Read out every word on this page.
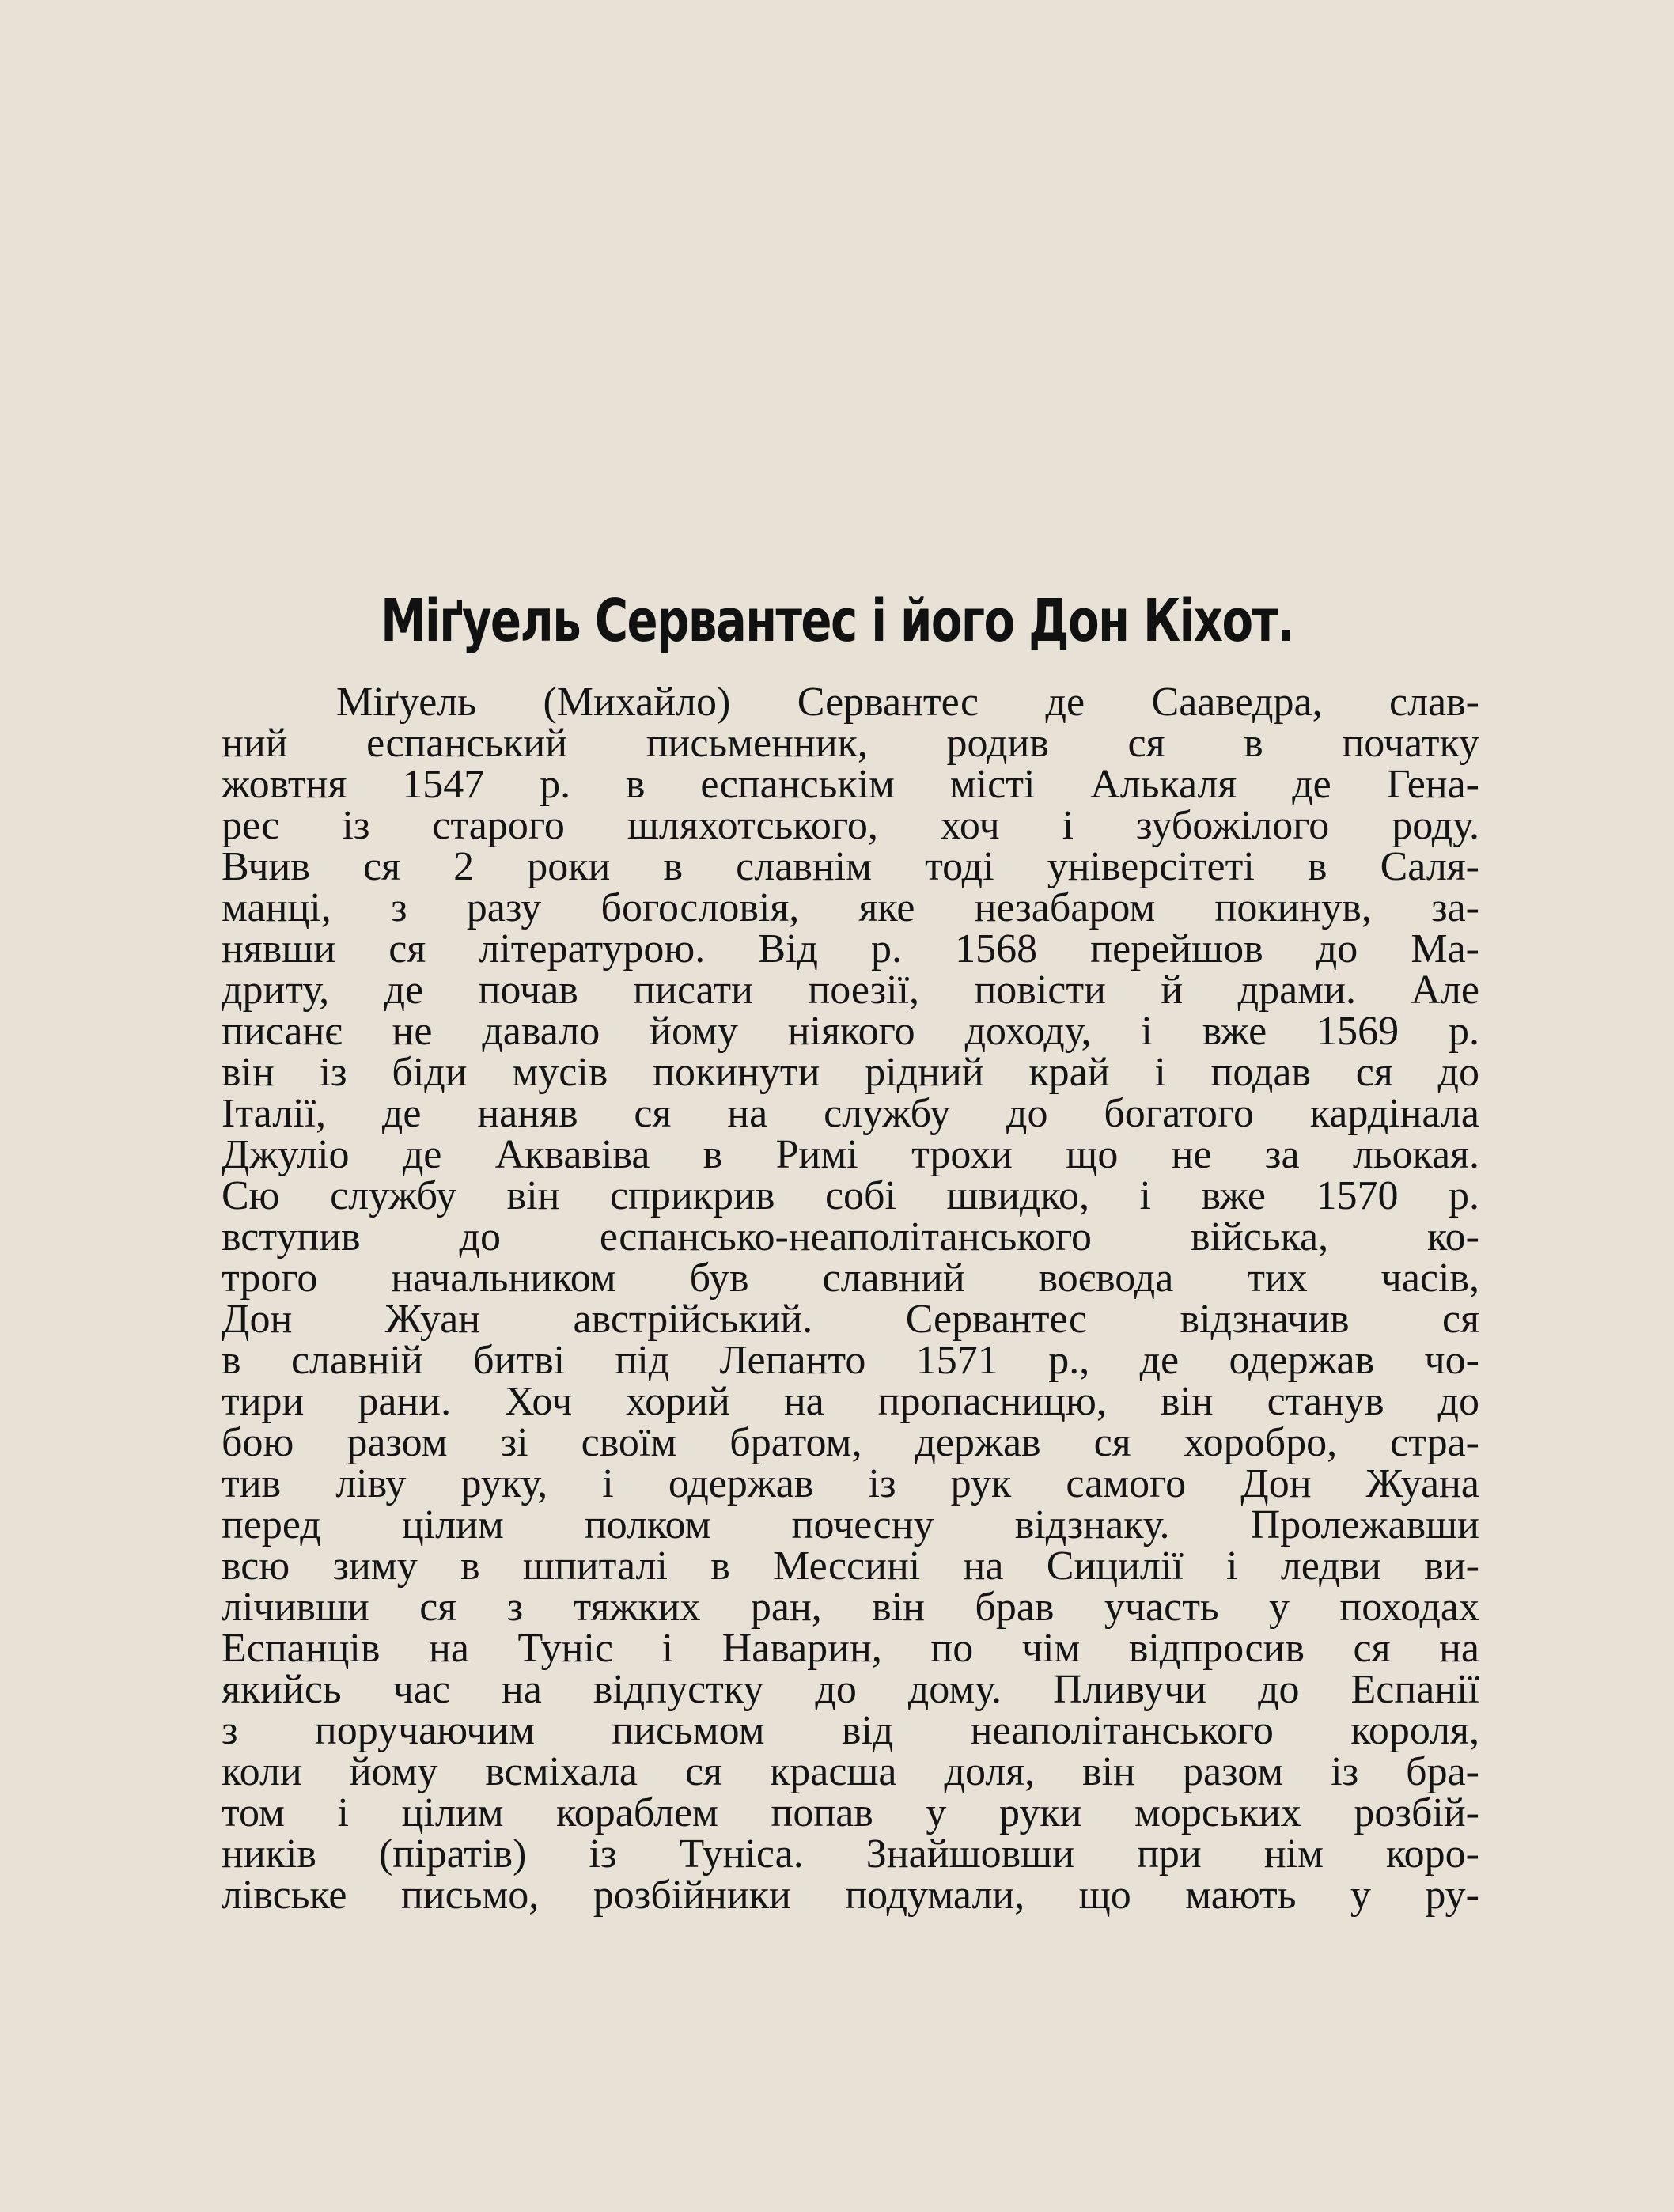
Міґуель Сервантес і його Дон Кіхот.
Міґуель (Михайло) Сервантес де Сааведра, слав-
ний еспанський письменник, родив ся в початку
жовтня 1547 р. в еспанськім місті Алькаля де Гена-
рес із старого шляхотського, хоч і зубожілого роду.
Вчив ся 2 роки в славнім тоді універсітеті в Саля-
манці, з разу богословія, яке незабаром покинув, за-
нявши ся літературою. Від р. 1568 перейшов до Ма-
дриту, де почав писати поезії, повісти й драми. Але
писанє не давало йому ніякого доходу, і вже 1569 р.
він із біди мусів покинути рідний край і подав ся до
Італії, де наняв ся на службу до богатого кардінала
Джуліо де Аквавіва в Римі трохи що не за льокая.
Сю службу він сприкрив собі швидко, і вже 1570 р.
вступив до еспансько-неаполітанського війська, ко-
трого начальником був славний воєвода тих часів,
Дон Жуан австрійський. Сервантес відзначив ся
в славній битві під Лепанто 1571 р., де одержав чо-
тири рани. Хоч хорий на пропасницю, він станув до
бою разом зі своїм братом, держав ся хоробро, стра-
тив ліву руку, і одержав із рук самого Дон Жуана
перед цілим полком почесну відзнаку. Пролежавши
всю зиму в шпиталі в Мессині на Сицилії і ледви ви-
лічивши ся з тяжких ран, він брав участь у походах
Еспанців на Туніс і Наварин, по чім відпросив ся на
якийсь час на відпустку до дому. Пливучи до Еспанії
з поручаючим письмом від неаполітанського короля,
коли йому всміхала ся красша доля, він разом із бра-
том і цілим кораблем попав у руки морських розбій-
ників (піратів) із Туніса. Знайшовши при нім коро-
лівське письмо, розбійники подумали, що мають у ру-
